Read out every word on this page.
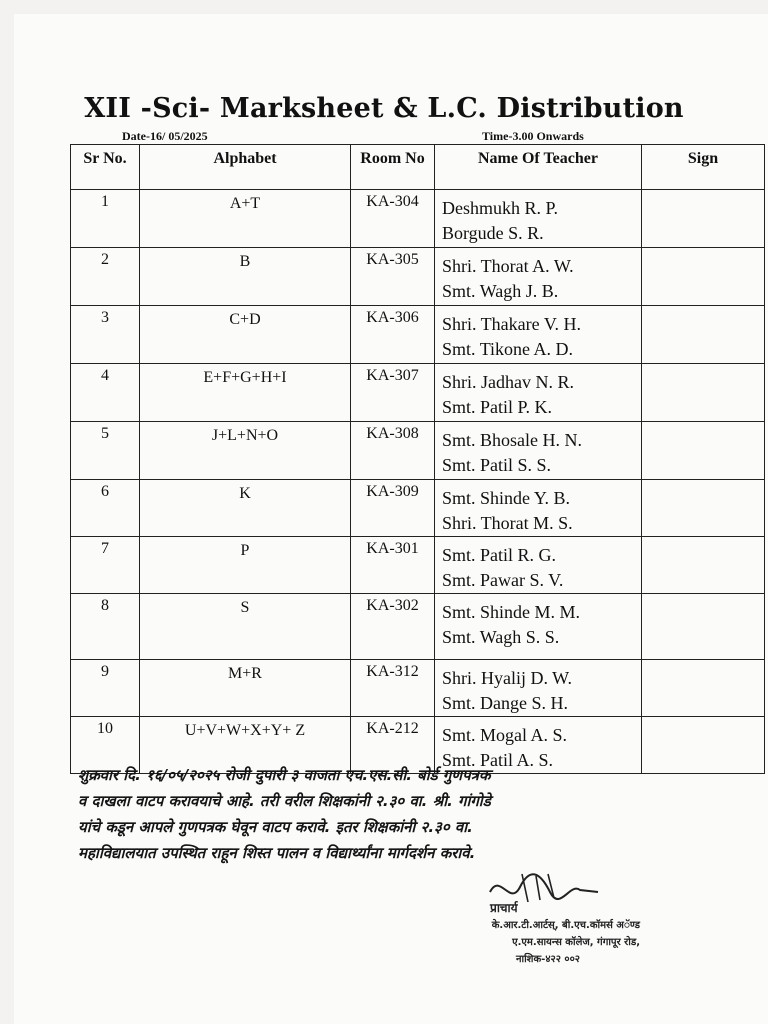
XII -Sci- Marksheet & L.C. Distribution
Date-16/ 05/2025	Time-3.00 Onwards
Sr No.	Alphabet	Room No	Name Of Teacher	Sign
1	A+T	KA-304	Deshmukh R. P.
Borgude S. R.	

2	B	KA-305	Shri. Thorat A. W.
Smt. Wagh J. B.	

3	C+D	KA-306	Shri. Thakare V. H.
Smt. Tikone A. D.	

4	E+F+G+H+I	KA-307	Shri. Jadhav N. R.
Smt. Patil P. K.	

5	J+L+N+O	KA-308	Smt. Bhosale H. N.
Smt. Patil S. S.	

6	K	KA-309	Smt. Shinde Y. B.
Shri. Thorat M. S.	

7	P	KA-301	Smt. Patil R. G.
Smt. Pawar S. V.	

8	S	KA-302	Smt. Shinde M. M.
Smt. Wagh S. S.	

9	M+R	KA-312	Shri. Hyalij D. W.
Smt. Dange S. H.	

10	U+V+W+X+Y+ Z	KA-212	Smt. Mogal A. S.
Smt. Patil A. S.	

शुक्रवार दि. १६/०५/२०२५ रोजी दुपारी ३ वाजता एच.एस.सी. बोर्ड गुणपत्रक
व दाखला वाटप करावयाचे आहे. तरी वरील शिक्षकांनी २.३० वा. श्री. गांगोडे
यांचे कडून आपले गुणपत्रक घेवून वाटप करावे. इतर शिक्षकांनी २.३० वा.
महाविद्यालयात उपस्थित राहून शिस्त पालन व विद्यार्थ्यांना मार्गदर्शन करावे.
प्राचार्य
के.आर.टी.आर्टस्, बी.एच.कॉमर्स अॅण्ड
ए.एम.सायन्स कॉलेज, गंगापूर रोड,
नाशिक-४२२ ००२
